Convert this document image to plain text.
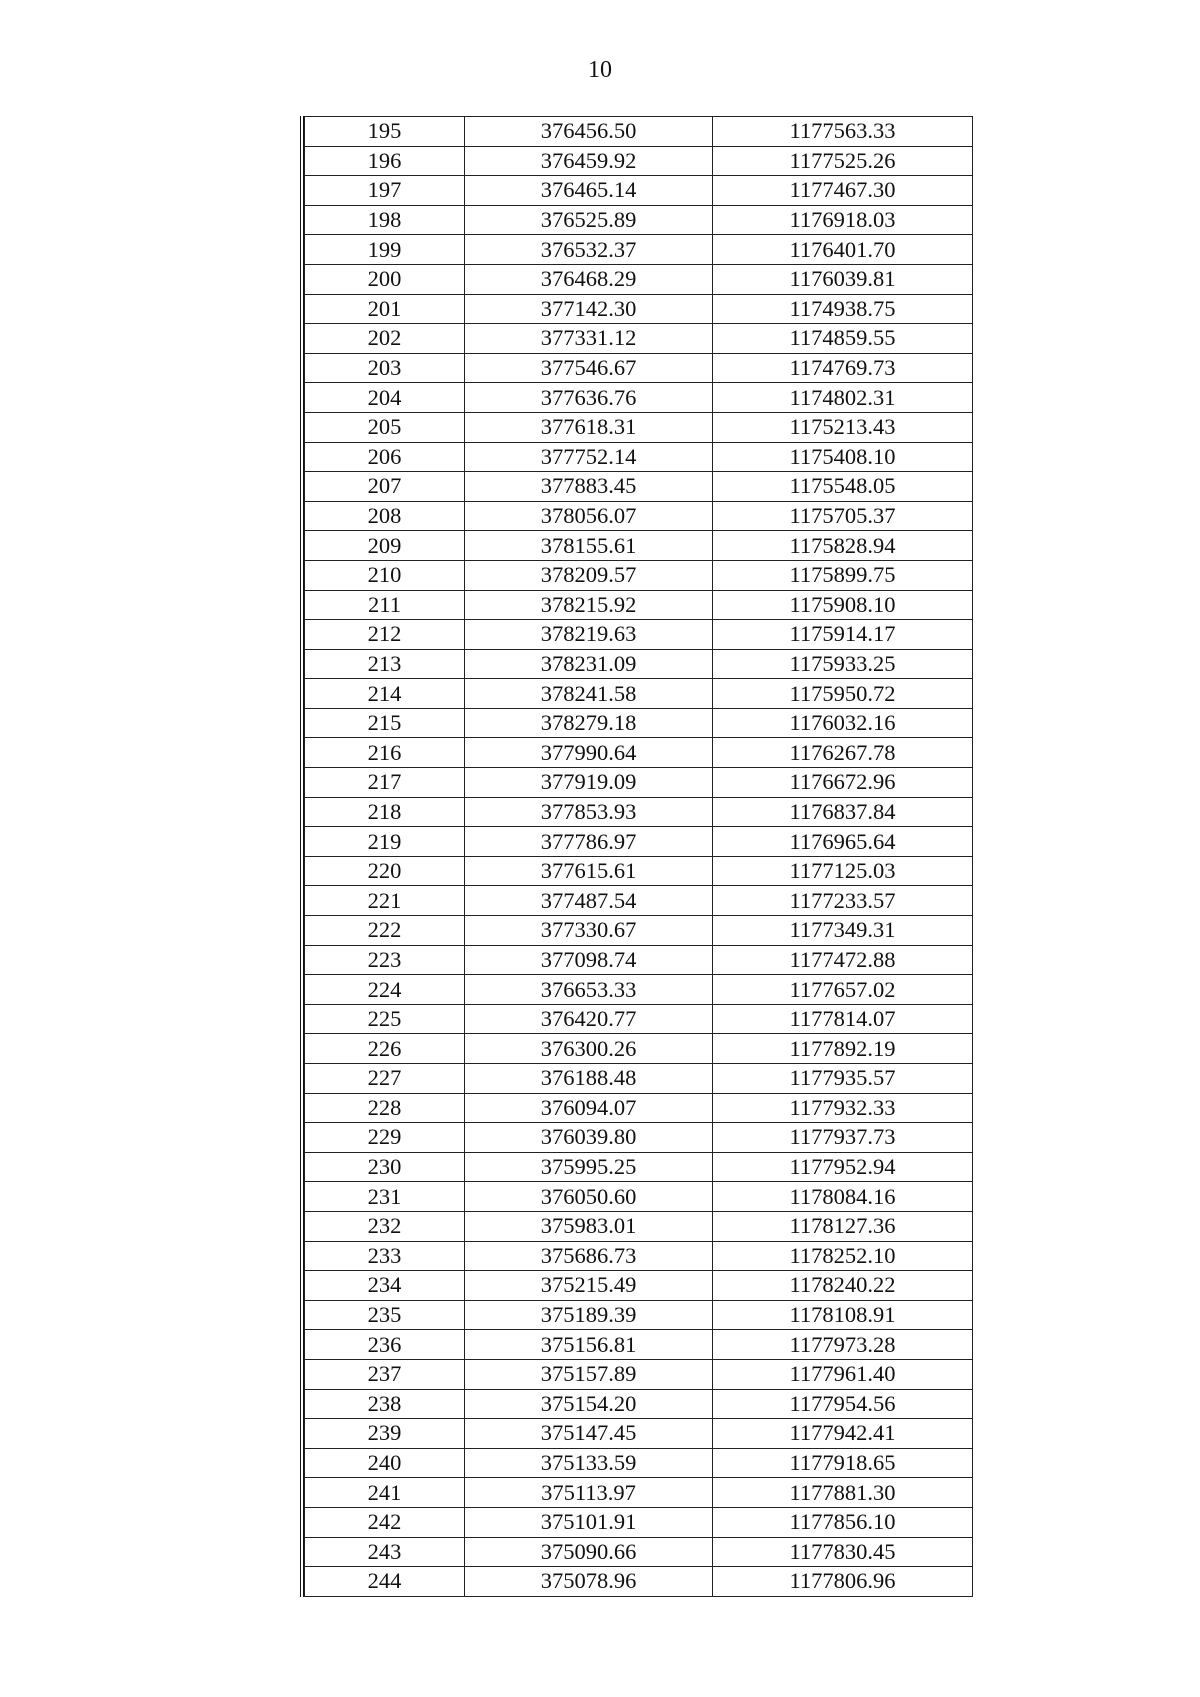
10
195	376456.50	1177563.33
196	376459.92	1177525.26
197	376465.14	1177467.30
198	376525.89	1176918.03
199	376532.37	1176401.70
200	376468.29	1176039.81
201	377142.30	1174938.75
202	377331.12	1174859.55
203	377546.67	1174769.73
204	377636.76	1174802.31
205	377618.31	1175213.43
206	377752.14	1175408.10
207	377883.45	1175548.05
208	378056.07	1175705.37
209	378155.61	1175828.94
210	378209.57	1175899.75
211	378215.92	1175908.10
212	378219.63	1175914.17
213	378231.09	1175933.25
214	378241.58	1175950.72
215	378279.18	1176032.16
216	377990.64	1176267.78
217	377919.09	1176672.96
218	377853.93	1176837.84
219	377786.97	1176965.64
220	377615.61	1177125.03
221	377487.54	1177233.57
222	377330.67	1177349.31
223	377098.74	1177472.88
224	376653.33	1177657.02
225	376420.77	1177814.07
226	376300.26	1177892.19
227	376188.48	1177935.57
228	376094.07	1177932.33
229	376039.80	1177937.73
230	375995.25	1177952.94
231	376050.60	1178084.16
232	375983.01	1178127.36
233	375686.73	1178252.10
234	375215.49	1178240.22
235	375189.39	1178108.91
236	375156.81	1177973.28
237	375157.89	1177961.40
238	375154.20	1177954.56
239	375147.45	1177942.41
240	375133.59	1177918.65
241	375113.97	1177881.30
242	375101.91	1177856.10
243	375090.66	1177830.45
244	375078.96	1177806.96
